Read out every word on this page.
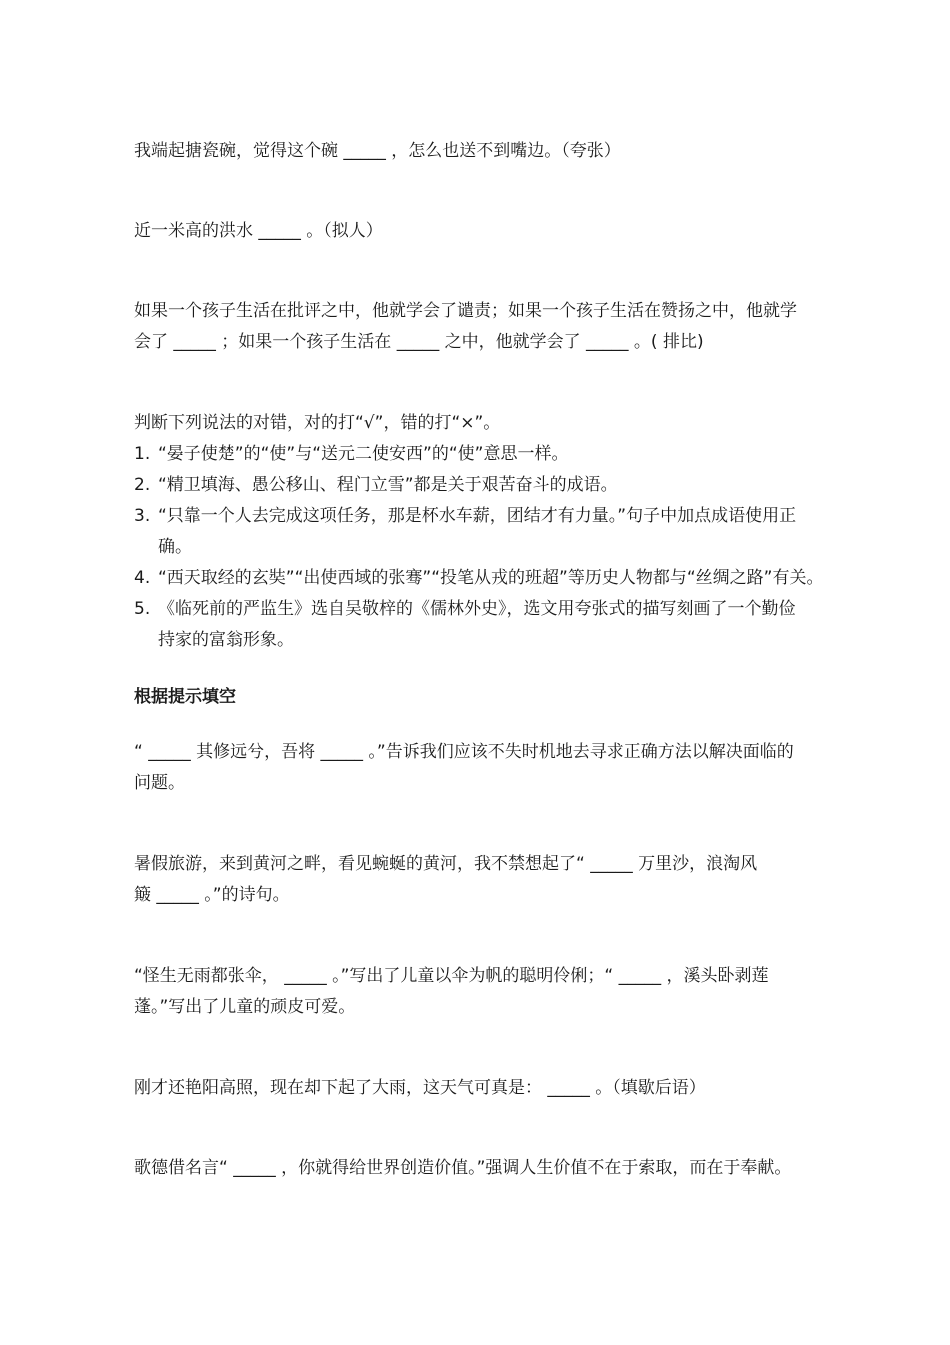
我端起搪瓷碗，觉得这个碗 _____ ，怎么也送不到嘴边。（夸张）
近一米高的洪水 _____ 。（拟人）
如果一个孩子生活在批评之中，他就学会了谴责；如果一个孩子生活在赞扬之中，他就学
会了 _____ ；如果一个孩子生活在 _____ 之中，他就学会了 _____ 。( 排比)
判断下列说法的对错，对的打“√”，错的打“×”。
1. “晏子使楚”的“使”与“送元二使安西”的“使”意思一样。
2. “精卫填海、愚公移山、程门立雪”都是关于艰苦奋斗的成语。
3. “只靠一个人去完成这项任务，那是杯水车薪，团结才有力量。”句子中加点成语使用正
确。
4. “西天取经的玄奘”“出使西域的张骞”“投笔从戎的班超”等历史人物都与“丝绸之路”有关。
5. 《临死前的严监生》选自吴敬梓的《儒林外史》，选文用夸张式的描写刻画了一个勤俭
持家的富翁形象。
根据提示填空
“ _____ 其修远兮，吾将 _____ 。”告诉我们应该不失时机地去寻求正确方法以解决面临的
问题。
暑假旅游，来到黄河之畔，看见蜿蜒的黄河，我不禁想起了“ _____ 万里沙，浪淘风
簸 _____ 。”的诗句。
“怪生无雨都张伞， _____ 。”写出了儿童以伞为帆的聪明伶俐；“ _____ ，溪头卧剥莲
蓬。”写出了儿童的顽皮可爱。
刚才还艳阳高照，现在却下起了大雨，这天气可真是： _____ 。（填歇后语）
歌德借名言“ _____ ，你就得给世界创造价值。”强调人生价值不在于索取，而在于奉献。
